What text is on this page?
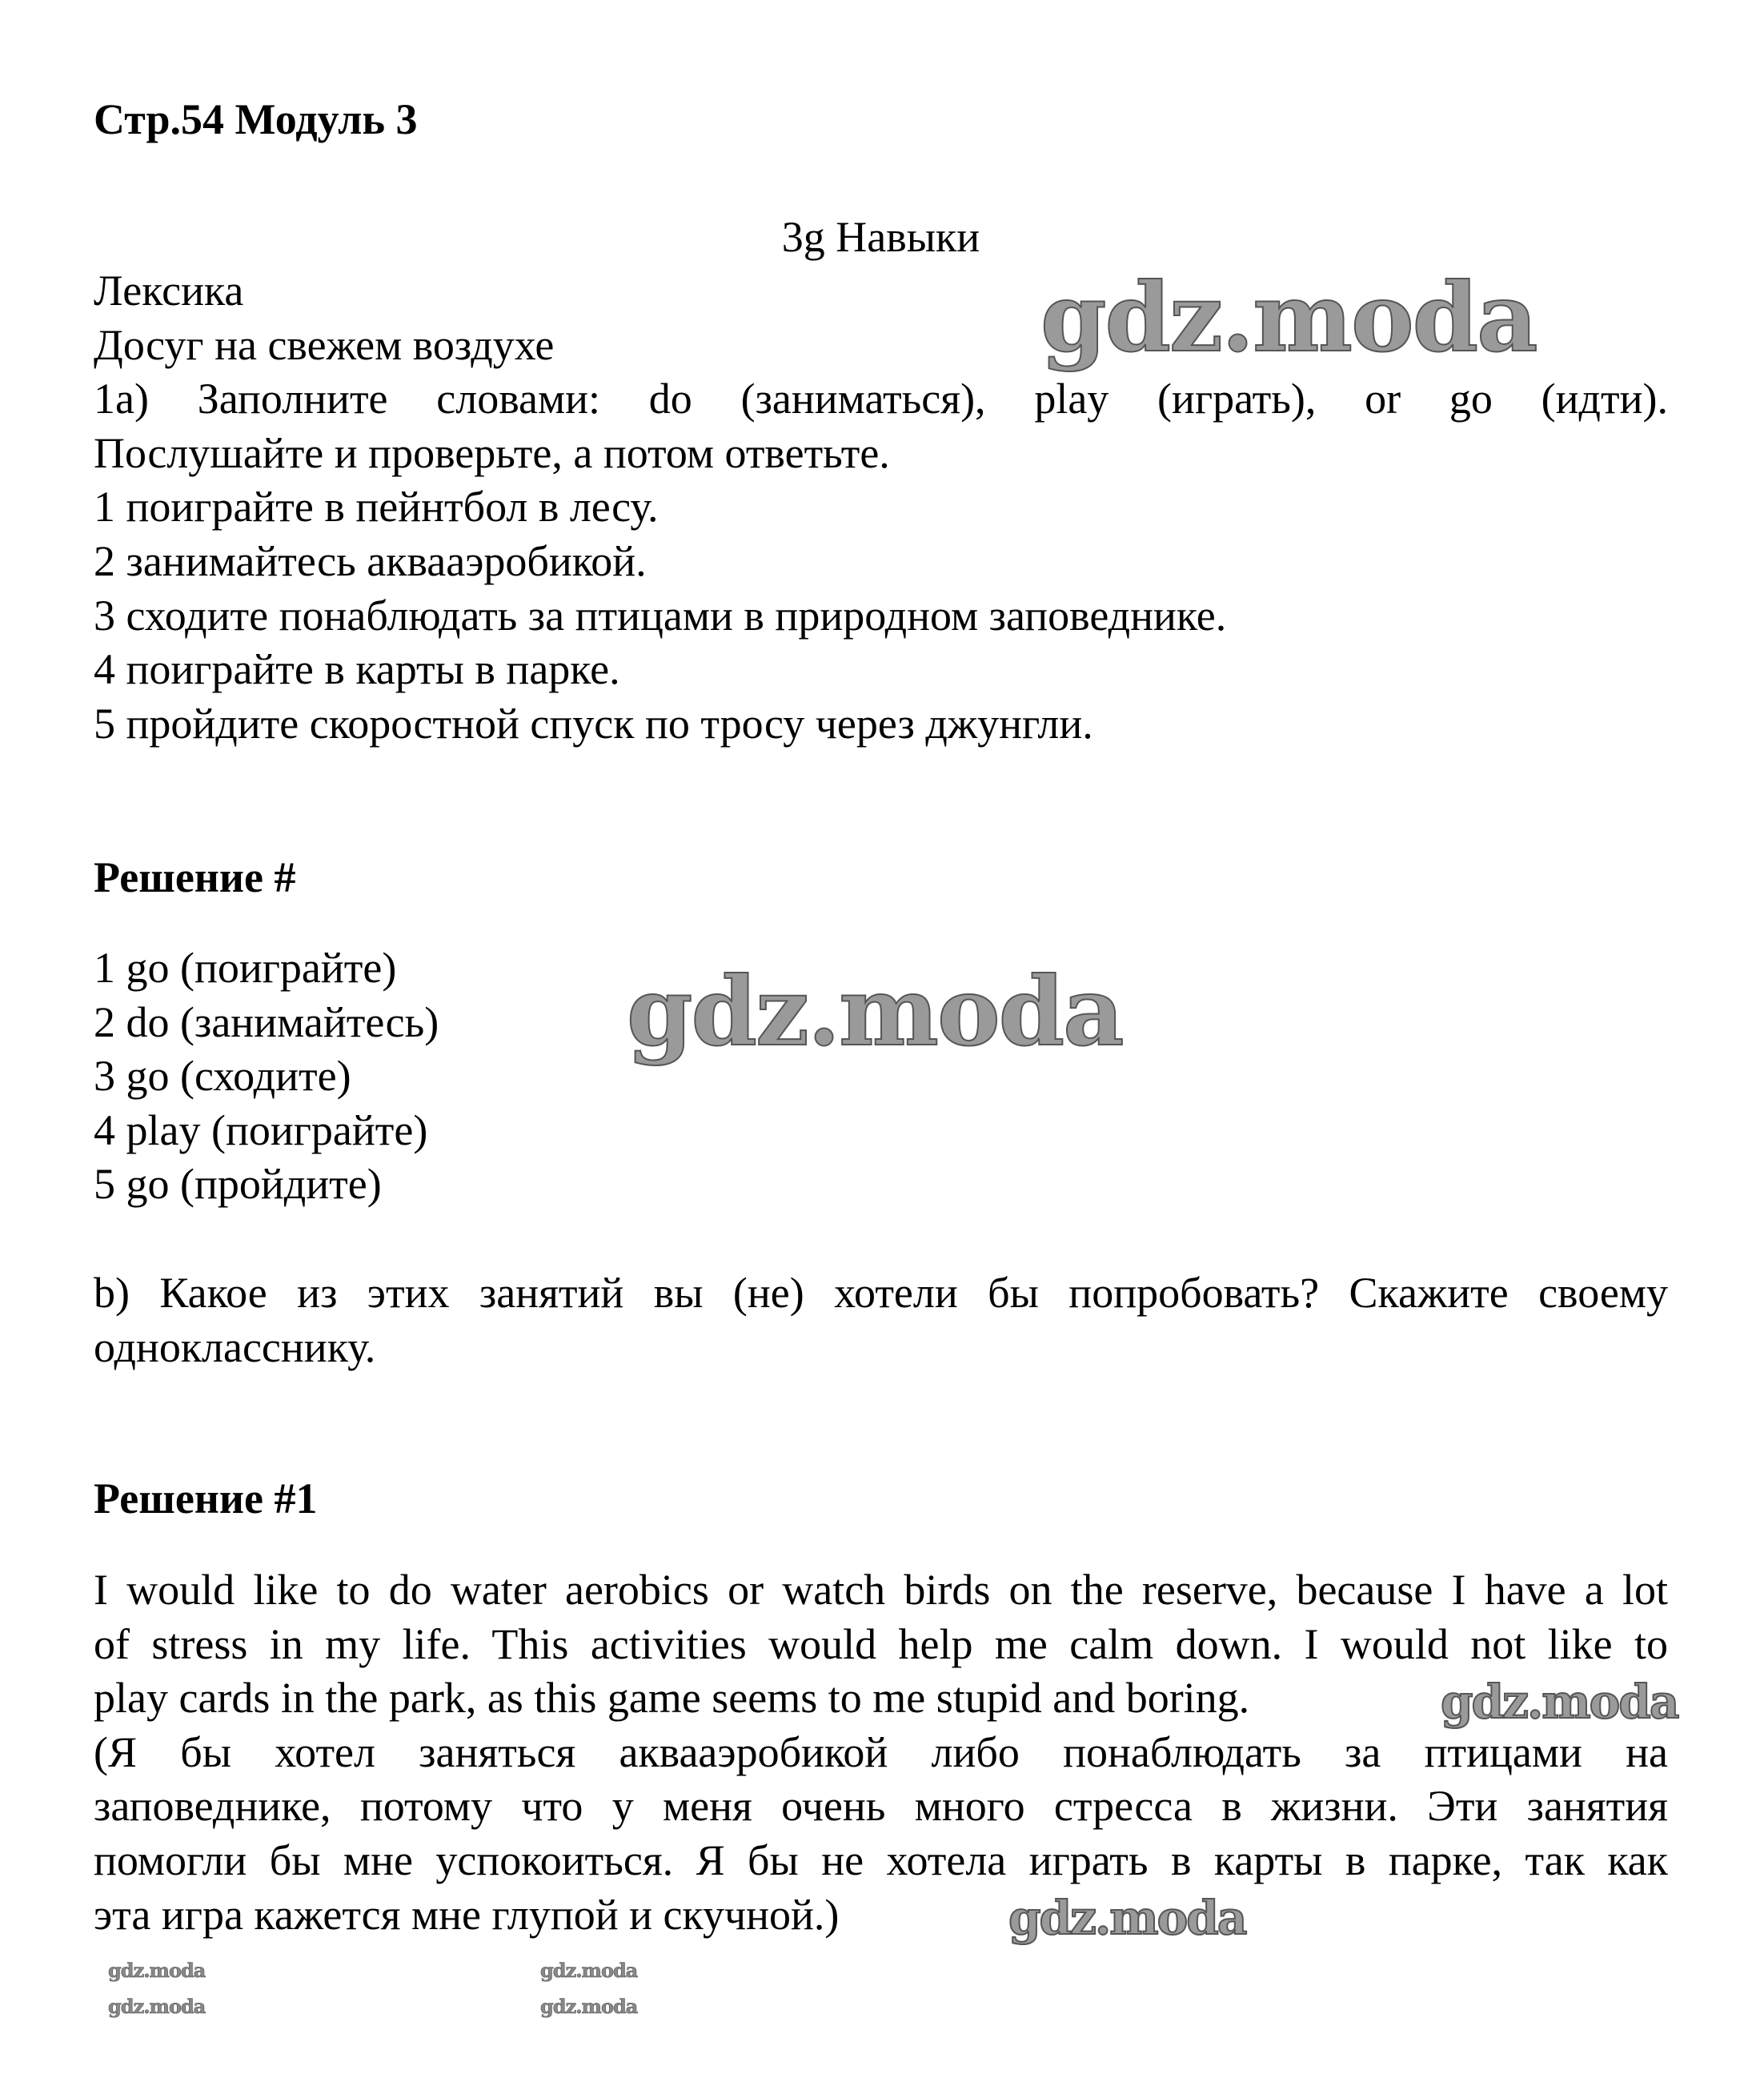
Стр.54 Модуль 3
3g Навыки
Лексика
Досуг на свежем воздухе
1a) Заполните словами: do (заниматься), play (играть), or go (идти).
Послушайте и проверьте, а потом ответьте.
1 поиграйте в пейнтбол в лесу.
2 занимайтесь аквааэробикой.
3 сходите понаблюдать за птицами в природном заповеднике.
4 поиграйте в карты в парке.
5 пройдите скоростной спуск по тросу через джунгли.
Решение #
1 go (поиграйте)
2 do (занимайтесь)
3 go (сходите)
4 play (поиграйте)
5 go (пройдите)
b) Какое из этих занятий вы (не) хотели бы попробовать? Скажите своему
однокласснику.
Решение #1
I would like to do water aerobics or watch birds on the reserve, because I have a lot
of stress in my life. This activities would help me calm down. I would not like to
play cards in the park, as this game seems to me stupid and boring.
(Я бы хотел заняться аквааэробикой либо понаблюдать за птицами на
заповеднике, потому что у меня очень много стресса в жизни. Эти занятия
помогли бы мне успокоиться. Я бы не хотела играть в карты в парке, так как
эта игра кажется мне глупой и скучной.)
gdz.moda
gdz.moda
gdz.moda
gdz.moda
gdz.moda	gdz.moda
gdz.moda	gdz.moda
